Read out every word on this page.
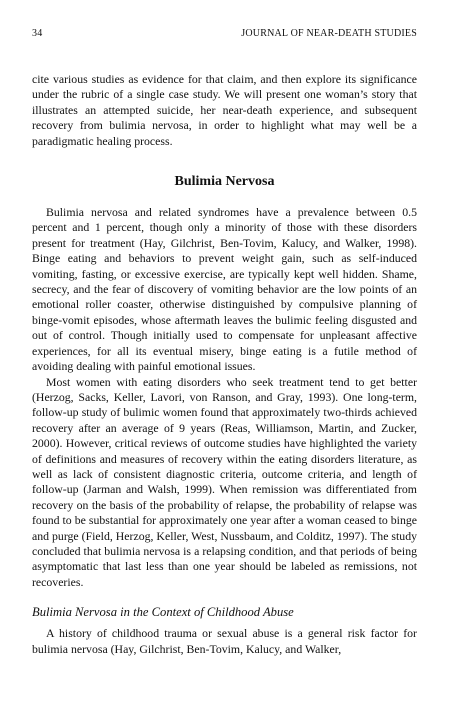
34	JOURNAL OF NEAR-DEATH STUDIES

cite various studies as evidence for that claim, and then explore its significance under the rubric of a single case study. We will present one woman’s story that illustrates an attempted suicide, her near-death experience, and subsequent recovery from bulimia nervosa, in order to highlight what may well be a paradigmatic healing process.

Bulimia Nervosa

Bulimia nervosa and related syndromes have a prevalence between 0.5 percent and 1 percent, though only a minority of those with these disorders present for treatment (Hay, Gilchrist, Ben-Tovim, Kalucy, and Walker, 1998). Binge eating and behaviors to prevent weight gain, such as self-induced vomiting, fasting, or excessive exercise, are typically kept well hidden. Shame, secrecy, and the fear of discovery of vomiting behavior are the low points of an emotional roller coaster, otherwise distinguished by compulsive planning of binge-vomit episodes, whose aftermath leaves the bulimic feeling disgusted and out of control. Though initially used to compensate for unpleasant affective experiences, for all its eventual misery, binge eating is a futile method of avoiding dealing with painful emotional issues.

Most women with eating disorders who seek treatment tend to get better (Herzog, Sacks, Keller, Lavori, von Ranson, and Gray, 1993). One long-term, follow-up study of bulimic women found that approximately two-thirds achieved recovery after an average of 9 years (Reas, Williamson, Martin, and Zucker, 2000). However, critical reviews of outcome studies have highlighted the variety of definitions and measures of recovery within the eating disorders literature, as well as lack of consistent diagnostic criteria, outcome criteria, and length of follow-up (Jarman and Walsh, 1999). When remission was differentiated from recovery on the basis of the probability of relapse, the probability of relapse was found to be substantial for approximately one year after a woman ceased to binge and purge (Field, Herzog, Keller, West, Nussbaum, and Colditz, 1997). The study concluded that bulimia nervosa is a relapsing condition, and that periods of being asymptomatic that last less than one year should be labeled as remissions, not recoveries.

Bulimia Nervosa in the Context of Childhood Abuse

A history of childhood trauma or sexual abuse is a general risk factor for bulimia nervosa (Hay, Gilchrist, Ben-Tovim, Kalucy, and Walker,
